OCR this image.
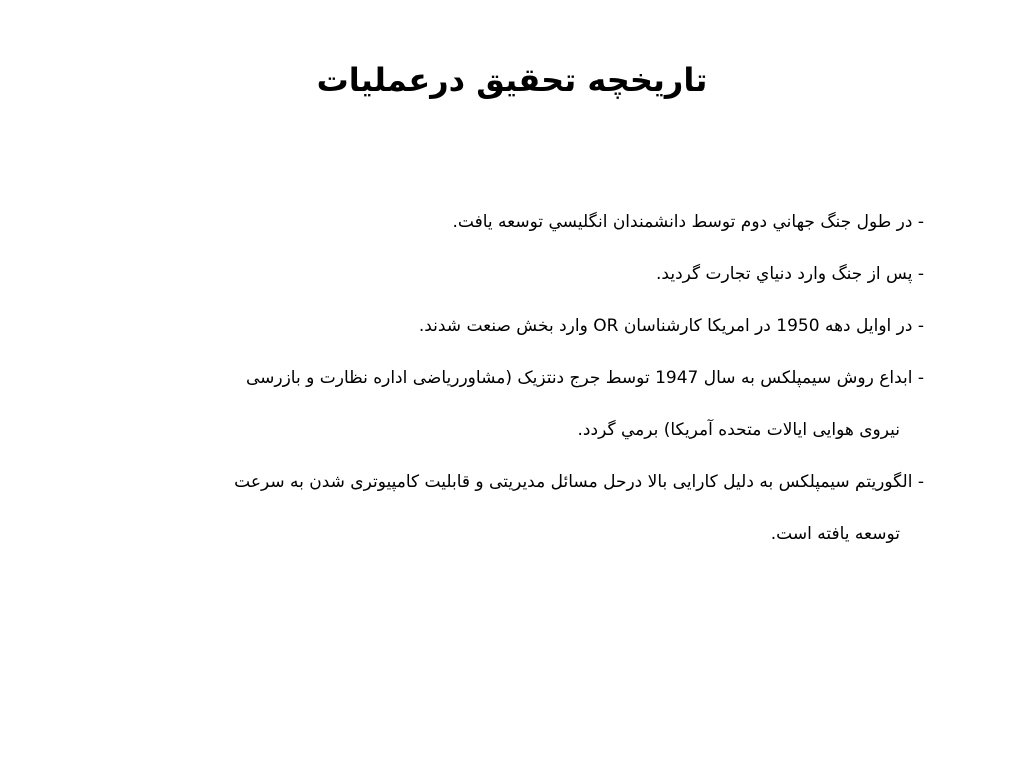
تاریخچه تحقیق درعملیات

- در طول جنگ جهاني دوم توسط دانشمندان انگليسي توسعه يافت.

- پس از جنگ وارد دنياي تجارت گرديد.

- در اوايل دهه 1950 در امريكا كارشناسان OR وارد بخش صنعت شدند.

- ابداع روش سیمپلکس به سال 1947 توسط جرج دنتزیک (مشاورریاضی اداره نظارت و بازرسی
نیروی هوایی ایالات متحده آمریکا) برمي گردد.

- الگوریتم سیمپلکس به دلیل کارایی بالا درحل مسائل مدیریتی و قابلیت کامپیوتری شدن به سرعت
توسعه یافته است.
